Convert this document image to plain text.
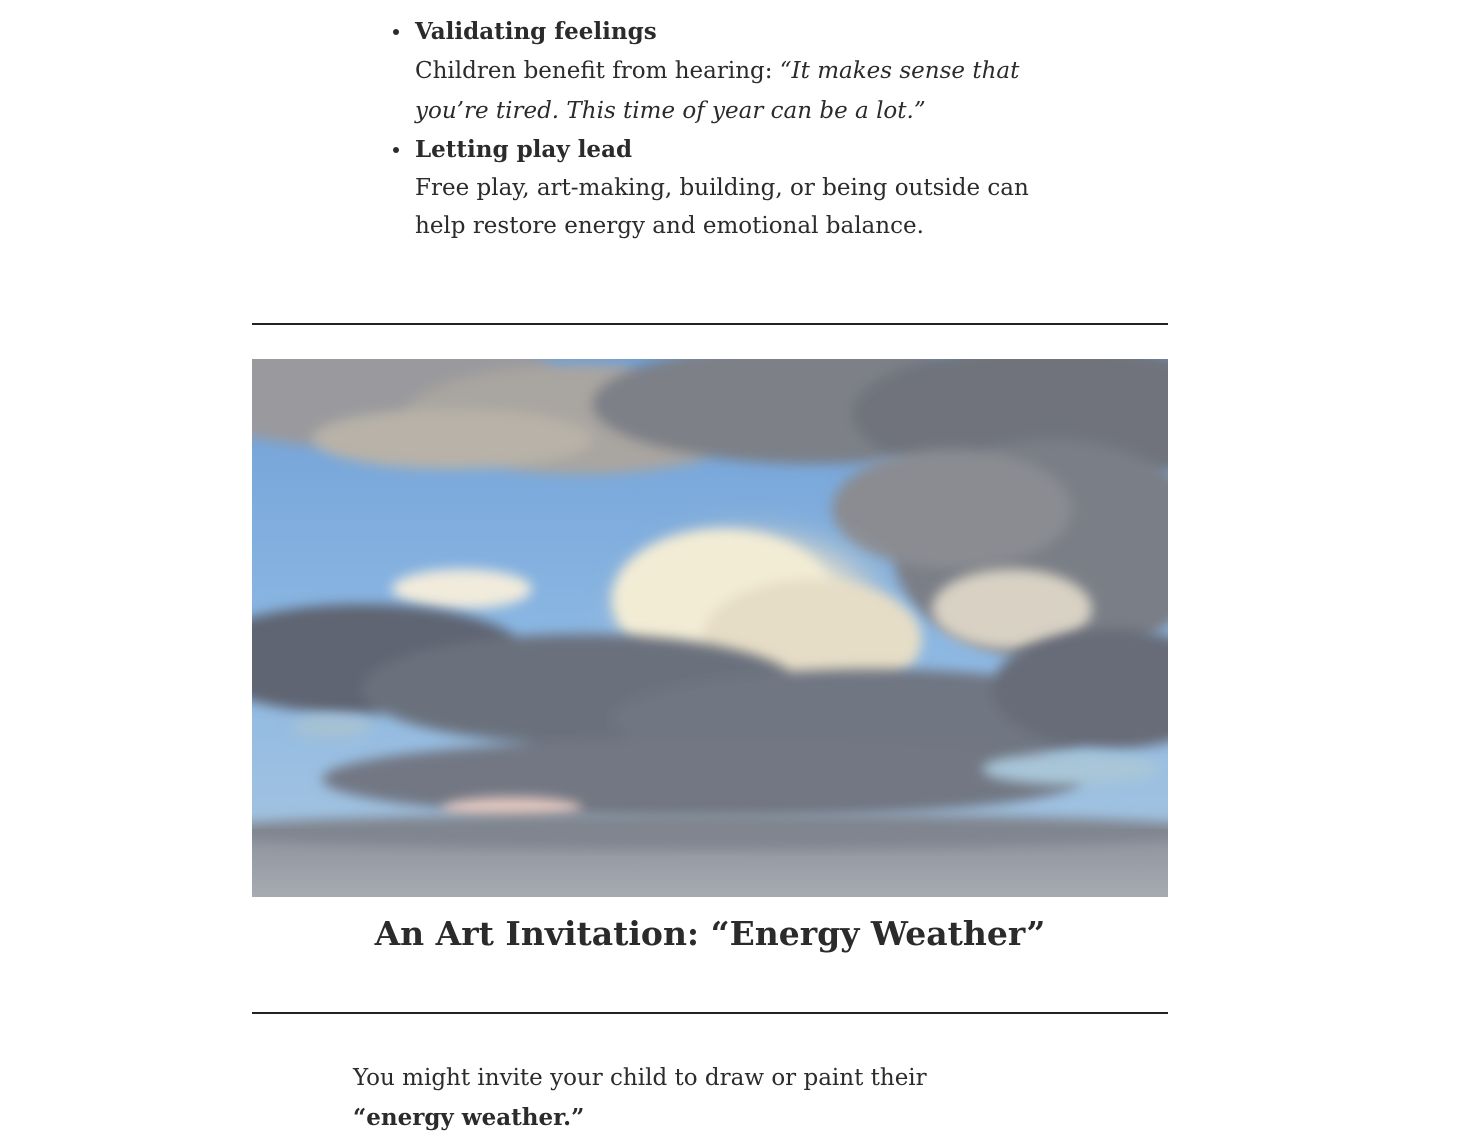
Validating feelings
Children benefit from hearing: “It makes sense that you’re tired. This time of year can be a lot.”
Letting play lead
Free play, art-making, building, or being outside can help restore energy and emotional balance.
An Art Invitation: “Energy Weather”

You might invite your child to draw or paint their “energy weather.”
